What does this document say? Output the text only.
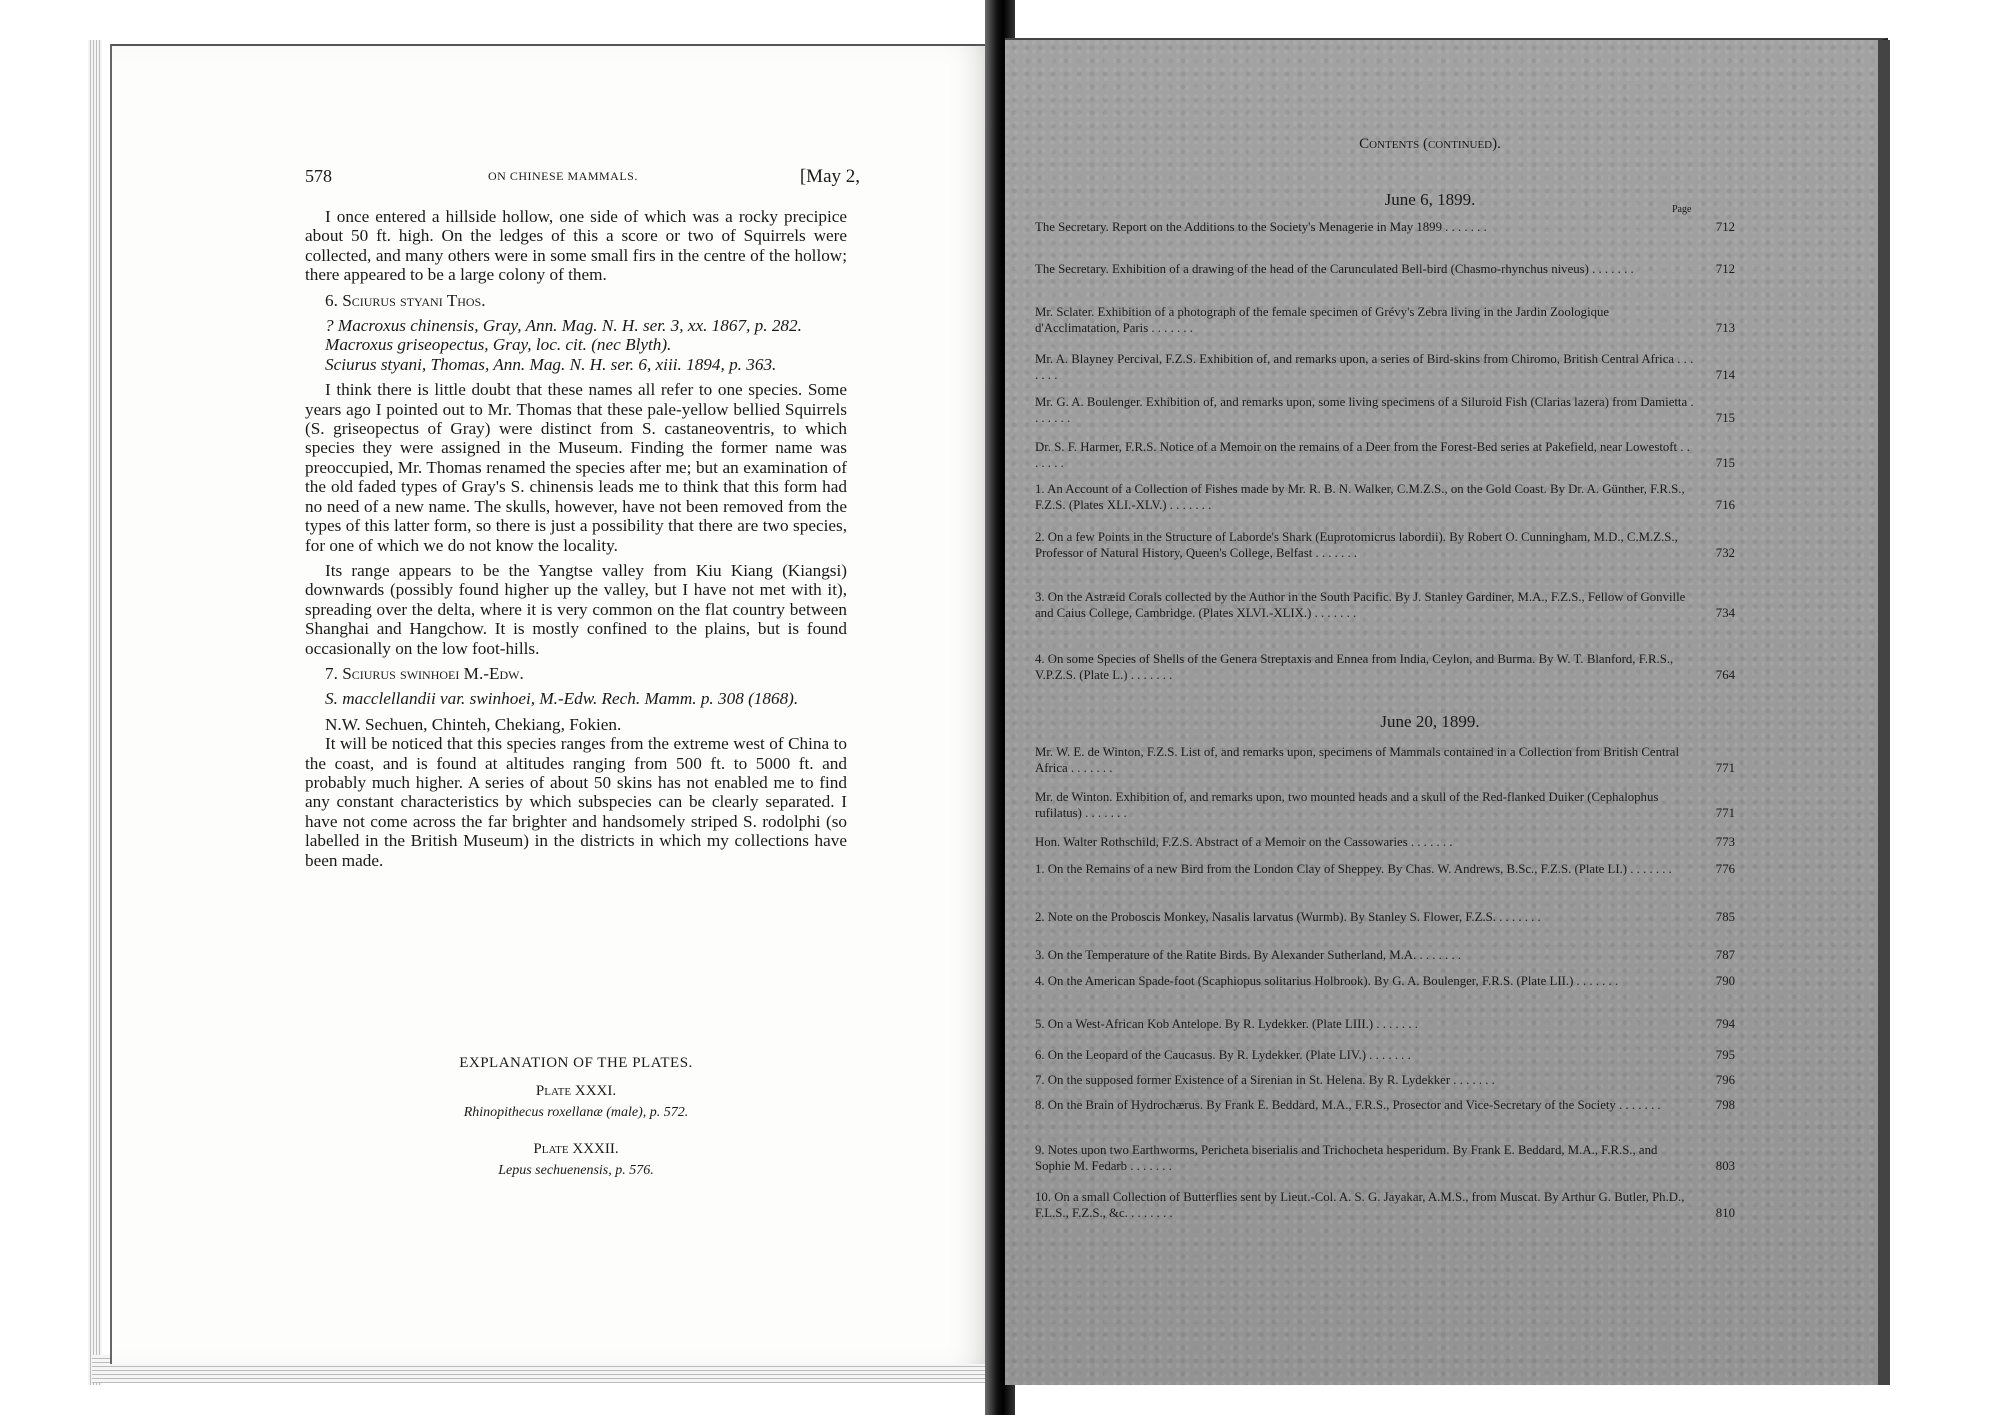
578	ON CHINESE MAMMALS.	[May 2,

I once entered a hillside hollow, one side of which was a rocky precipice about 50 ft. high. On the ledges of this a score or two of Squirrels were collected, and many others were in some small firs in the centre of the hollow; there appeared to be a large colony of them.

6. Sciurus styani Thos.

? Macroxus chinensis, Gray, Ann. Mag. N. H. ser. 3, xx. 1867, p. 282.

Macroxus griseopectus, Gray, loc. cit. (nec Blyth).

Sciurus styani, Thomas, Ann. Mag. N. H. ser. 6, xiii. 1894, p. 363.

I think there is little doubt that these names all refer to one species. Some years ago I pointed out to Mr. Thomas that these pale-yellow bellied Squirrels (S. griseopectus of Gray) were distinct from S. castaneoventris, to which species they were assigned in the Museum. Finding the former name was preoccupied, Mr. Thomas renamed the species after me; but an examination of the old faded types of Gray's S. chinensis leads me to think that this form had no need of a new name. The skulls, however, have not been removed from the types of this latter form, so there is just a possibility that there are two species, for one of which we do not know the locality.

Its range appears to be the Yangtse valley from Kiu Kiang (Kiangsi) downwards (possibly found higher up the valley, but I have not met with it), spreading over the delta, where it is very common on the flat country between Shanghai and Hangchow. It is mostly confined to the plains, but is found occasionally on the low foot-hills.

7. Sciurus swinhoei M.-Edw.

S. macclellandii var. swinhoei, M.-Edw. Rech. Mamm. p. 308 (1868).

N.W. Sechuen, Chinteh, Chekiang, Fokien.

It will be noticed that this species ranges from the extreme west of China to the coast, and is found at altitudes ranging from 500 ft. to 5000 ft. and probably much higher. A series of about 50 skins has not enabled me to find any constant characteristics by which subspecies can be clearly separated. I have not come across the far brighter and handsomely striped S. rodolphi (so labelled in the British Museum) in the districts in which my collections have been made.

EXPLANATION OF THE PLATES.
Plate XXXI.
Rhinopithecus roxellanæ (male), p. 572.
Plate XXXII.
Lepus sechuenensis, p. 576.
Contents (continued).
June 6, 1899.
Page
The Secretary. Report on the Additions to the Society's Menagerie in May 1899 . . . . . . .	712
The Secretary. Exhibition of a drawing of the head of the Carunculated Bell-bird (Chasmo-rhynchus niveus) . . . . . . .	712
Mr. Sclater. Exhibition of a photograph of the female specimen of Grévy's Zebra living in the Jardin Zoologique d'Acclimatation, Paris . . . . . . .	713
Mr. A. Blayney Percival, F.Z.S. Exhibition of, and remarks upon, a series of Bird-skins from Chiromo, British Central Africa . . . . . . .	714
Mr. G. A. Boulenger. Exhibition of, and remarks upon, some living specimens of a Siluroid Fish (Clarias lazera) from Damietta . . . . . . .	715
Dr. S. F. Harmer, F.R.S. Notice of a Memoir on the remains of a Deer from the Forest-Bed series at Pakefield, near Lowestoft . . . . . . .	715
1. An Account of a Collection of Fishes made by Mr. R. B. N. Walker, C.M.Z.S., on the Gold Coast. By Dr. A. Günther, F.R.S., F.Z.S. (Plates XLI.-XLV.) . . . . . . .	716
2. On a few Points in the Structure of Laborde's Shark (Euprotomicrus labordii). By Robert O. Cunningham, M.D., C.M.Z.S., Professor of Natural History, Queen's College, Belfast . . . . . . .	732
3. On the Astræid Corals collected by the Author in the South Pacific. By J. Stanley Gardiner, M.A., F.Z.S., Fellow of Gonville and Caius College, Cambridge. (Plates XLVI.-XLIX.) . . . . . . .	734
4. On some Species of Shells of the Genera Streptaxis and Ennea from India, Ceylon, and Burma. By W. T. Blanford, F.R.S., V.P.Z.S. (Plate L.) . . . . . . .	764
June 20, 1899.
Mr. W. E. de Winton, F.Z.S. List of, and remarks upon, specimens of Mammals contained in a Collection from British Central Africa . . . . . . .	771
Mr. de Winton. Exhibition of, and remarks upon, two mounted heads and a skull of the Red-flanked Duiker (Cephalophus rufilatus) . . . . . . .	771
Hon. Walter Rothschild, F.Z.S. Abstract of a Memoir on the Cassowaries . . . . . . .	773
1. On the Remains of a new Bird from the London Clay of Sheppey. By Chas. W. Andrews, B.Sc., F.Z.S. (Plate LI.) . . . . . . .	776
2. Note on the Proboscis Monkey, Nasalis larvatus (Wurmb). By Stanley S. Flower, F.Z.S. . . . . . . .	785
3. On the Temperature of the Ratite Birds. By Alexander Sutherland, M.A. . . . . . . .	787
4. On the American Spade-foot (Scaphiopus solitarius Holbrook). By G. A. Boulenger, F.R.S. (Plate LII.) . . . . . . .	790
5. On a West-African Kob Antelope. By R. Lydekker. (Plate LIII.) . . . . . . .	794
6. On the Leopard of the Caucasus. By R. Lydekker. (Plate LIV.) . . . . . . .	795
7. On the supposed former Existence of a Sirenian in St. Helena. By R. Lydekker . . . . . . .	796
8. On the Brain of Hydrochærus. By Frank E. Beddard, M.A., F.R.S., Prosector and Vice-Secretary of the Society . . . . . . .	798
9. Notes upon two Earthworms, Pericheta biserialis and Trichocheta hesperidum. By Frank E. Beddard, M.A., F.R.S., and Sophie M. Fedarb . . . . . . .	803
10. On a small Collection of Butterflies sent by Lieut.-Col. A. S. G. Jayakar, A.M.S., from Muscat. By Arthur G. Butler, Ph.D., F.L.S., F.Z.S., &c. . . . . . . .	810
